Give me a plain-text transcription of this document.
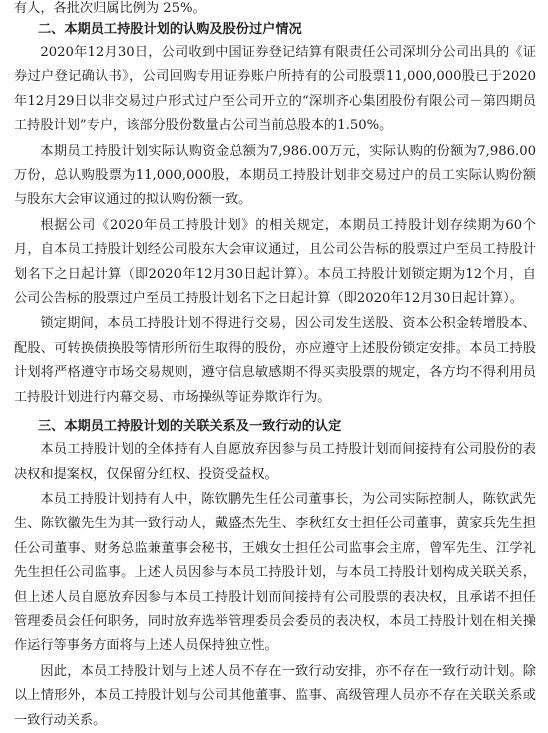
有人，各批次归属比例为 25%。

二、本期员工持股计划的认购及股份过户情况

2020年12月30日，公司收到中国证券登记结算有限责任公司深圳分公司出具的《证券过户登记确认书》，公司回购专用证券账户所持有的公司股票11,000,000股已于2020年12月29日以非交易过户形式过户至公司开立的“深圳齐心集团股份有限公司－第四期员工持股计划”专户，该部分股份数量占公司当前总股本的1.50%。

本期员工持股计划实际认购资金总额为7,986.00万元，实际认购的份额为7,986.00万份，总认购股票为11,000,000股，本期员工持股计划非交易过户的员工实际认购份额与股东大会审议通过的拟认购份额一致。

根据公司《2020年员工持股计划》的相关规定，本期员工持股计划存续期为60个月，自本员工持股计划经公司股东大会审议通过，且公司公告标的股票过户至员工持股计划名下之日起计算（即2020年12月30日起计算）。本员工持股计划锁定期为12个月，自公司公告标的股票过户至员工持股计划名下之日起计算（即2020年12月30日起计算）。

锁定期间，本员工持股计划不得进行交易，因公司发生送股、资本公积金转增股本、配股、可转换债换股等情形所衍生取得的股份，亦应遵守上述股份锁定安排。本员工持股计划将严格遵守市场交易规则，遵守信息敏感期不得买卖股票的规定，各方均不得利用员工持股计划进行内幕交易、市场操纵等证券欺诈行为。

三、本期员工持股计划的关联关系及一致行动的认定

本员工持股计划的全体持有人自愿放弃因参与员工持股计划而间接持有公司股份的表决权和提案权，仅保留分红权、投资受益权。

本员工持股计划持有人中，陈钦鹏先生任公司董事长，为公司实际控制人，陈钦武先生、陈钦徽先生为其一致行动人，戴盛杰先生、李秋红女士担任公司董事，黄家兵先生担任公司董事、财务总监兼董事会秘书，王娥女士担任公司监事会主席，曾军先生、江学礼先生担任公司监事。上述人员因参与本员工持股计划，与本员工持股计划构成关联关系，但上述人员自愿放弃因参与本员工持股计划而间接持有公司股票的表决权，且承诺不担任管理委员会任何职务，同时放弃选举管理委员会委员的表决权，本员工持股计划在相关操作运行等事务方面将与上述人员保持独立性。

因此，本员工持股计划与上述人员不存在一致行动安排，亦不存在一致行动计划。除以上情形外，本员工持股计划与公司其他董事、监事、高级管理人员亦不存在关联关系或一致行动关系。
